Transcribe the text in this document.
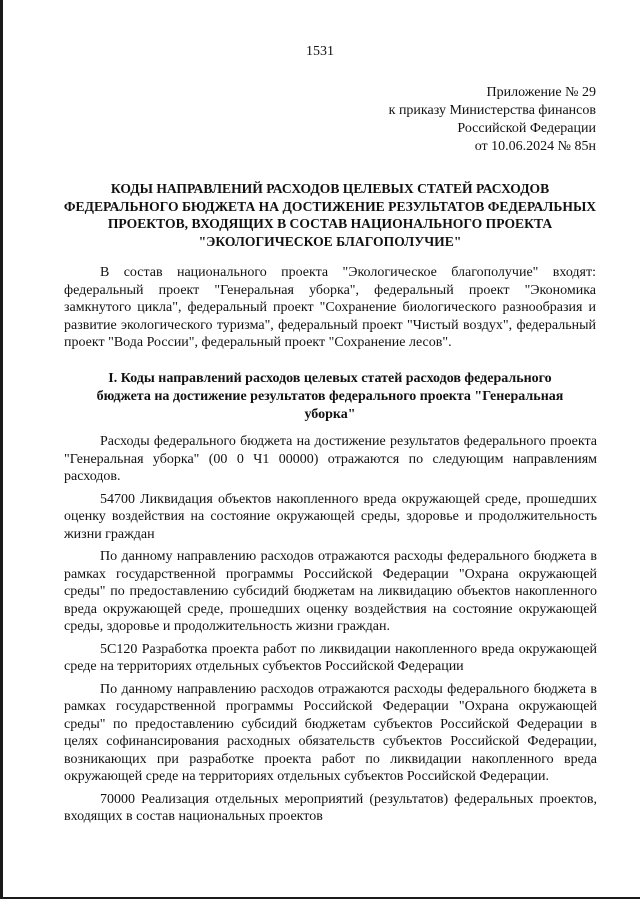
1531
Приложение № 29
к приказу Министерства финансов
Российской Федерации
от 10.06.2024 № 85н
КОДЫ НАПРАВЛЕНИЙ РАСХОДОВ ЦЕЛЕВЫХ СТАТЕЙ РАСХОДОВ ФЕДЕРАЛЬНОГО БЮДЖЕТА НА ДОСТИЖЕНИЕ РЕЗУЛЬТАТОВ ФЕДЕРАЛЬНЫХ ПРОЕКТОВ, ВХОДЯЩИХ В СОСТАВ НАЦИОНАЛЬНОГО ПРОЕКТА "ЭКОЛОГИЧЕСКОЕ БЛАГОПОЛУЧИЕ"

В состав национального проекта "Экологическое благополучие" входят: федеральный проект "Генеральная уборка", федеральный проект "Экономика замкнутого цикла", федеральный проект "Сохранение биологического разнообразия и развитие экологического туризма", федеральный проект "Чистый воздух", федеральный проект "Вода России", федеральный проект "Сохранение лесов".

I. Коды направлений расходов целевых статей расходов федерального бюджета на достижение результатов федерального проекта "Генеральная уборка"

Расходы федерального бюджета на достижение результатов федерального проекта "Генеральная уборка" (00 0 Ч1 00000) отражаются по следующим направлениям расходов.

54700 Ликвидация объектов накопленного вреда окружающей среде, прошедших оценку воздействия на состояние окружающей среды, здоровье и продолжительность жизни граждан

По данному направлению расходов отражаются расходы федерального бюджета в рамках государственной программы Российской Федерации "Охрана окружающей среды" по предоставлению субсидий бюджетам на ликвидацию объектов накопленного вреда окружающей среде, прошедших оценку воздействия на состояние окружающей среды, здоровье и продолжительность жизни граждан.

5С120 Разработка проекта работ по ликвидации накопленного вреда окружающей среде на территориях отдельных субъектов Российской Федерации

По данному направлению расходов отражаются расходы федерального бюджета в рамках государственной программы Российской Федерации "Охрана окружающей среды" по предоставлению субсидий бюджетам субъектов Российской Федерации в целях софинансирования расходных обязательств субъектов Российской Федерации, возникающих при разработке проекта работ по ликвидации накопленного вреда окружающей среде на территориях отдельных субъектов Российской Федерации.

70000 Реализация отдельных мероприятий (результатов) федеральных проектов, входящих в состав национальных проектов
